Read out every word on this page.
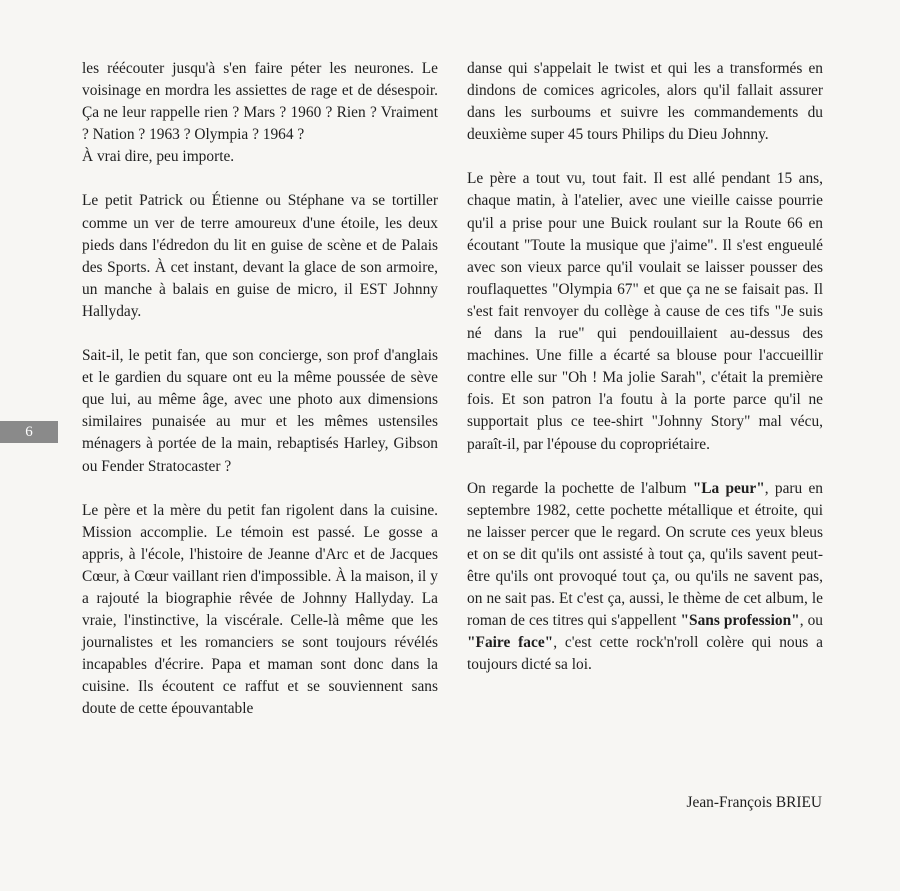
6

les réécouter jusqu'à s'en faire péter les neurones. Le voisinage en mordra les assiettes de rage et de désespoir. Ça ne leur rappelle rien ? Mars ? 1960 ? Rien ? Vraiment ? Nation ? 1963 ? Olympia ? 1964 ?

À vrai dire, peu importe.

Le petit Patrick ou Étienne ou Stéphane va se tortiller comme un ver de terre amoureux d'une étoile, les deux pieds dans l'édredon du lit en guise de scène et de Palais des Sports. À cet instant, devant la glace de son armoire, un manche à balais en guise de micro, il EST Johnny Hallyday.

Sait-il, le petit fan, que son concierge, son prof d'anglais et le gardien du square ont eu la même poussée de sève que lui, au même âge, avec une photo aux dimensions similaires punaisée au mur et les mêmes ustensiles ménagers à portée de la main, rebaptisés Harley, Gibson ou Fender Stratocaster ?

Le père et la mère du petit fan rigolent dans la cuisine. Mission accomplie. Le témoin est passé. Le gosse a appris, à l'école, l'histoire de Jeanne d'Arc et de Jacques Cœur, à Cœur vaillant rien d'impossible. À la maison, il y a rajouté la biographie rêvée de Johnny Hallyday. La vraie, l'instinctive, la viscérale. Celle-là même que les journalistes et les romanciers se sont toujours révélés incapables d'écrire. Papa et maman sont donc dans la cuisine. Ils écoutent ce raffut et se souviennent sans doute de cette épouvantable

danse qui s'appelait le twist et qui les a transformés en dindons de comices agricoles, alors qu'il fallait assurer dans les surboums et suivre les commandements du deuxième super 45 tours Philips du Dieu Johnny.

Le père a tout vu, tout fait. Il est allé pendant 15 ans, chaque matin, à l'atelier, avec une vieille caisse pourrie qu'il a prise pour une Buick roulant sur la Route 66 en écoutant "Toute la musique que j'aime". Il s'est engueulé avec son vieux parce qu'il voulait se laisser pousser des rouflaquettes "Olympia 67" et que ça ne se faisait pas. Il s'est fait renvoyer du collège à cause de ces tifs "Je suis né dans la rue" qui pendouillaient au-dessus des machines. Une fille a écarté sa blouse pour l'accueillir contre elle sur "Oh ! Ma jolie Sarah", c'était la première fois. Et son patron l'a foutu à la porte parce qu'il ne supportait plus ce tee-shirt "Johnny Story" mal vécu, paraît-il, par l'épouse du copropriétaire.

On regarde la pochette de l'album "La peur", paru en septembre 1982, cette pochette métallique et étroite, qui ne laisser percer que le regard. On scrute ces yeux bleus et on se dit qu'ils ont assisté à tout ça, qu'ils savent peut-être qu'ils ont provoqué tout ça, ou qu'ils ne savent pas, on ne sait pas. Et c'est ça, aussi, le thème de cet album, le roman de ces titres qui s'appellent "Sans profession", ou "Faire face", c'est cette rock'n'roll colère qui nous a toujours dicté sa loi.

Jean-François BRIEU
